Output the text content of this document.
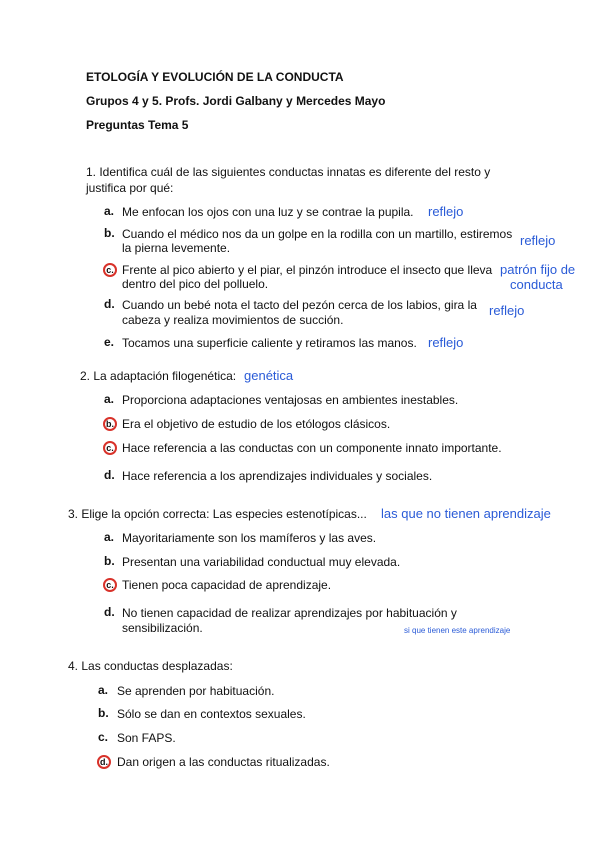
ETOLOGÍA Y EVOLUCIÓN DE LA CONDUCTA
Grupos 4 y 5. Profs. Jordi Galbany y Mercedes Mayo
Preguntas Tema 5
1. Identifica cuál de las siguientes conductas innatas es diferente del resto y
justifica por qué:
a. Me enfocan los ojos con una luz y se contrae la pupila. reflejo
b. Cuando el médico nos da un golpe en la rodilla con un martillo, estiremos
la pierna levemente.	reflejo
c. Frente al pico abierto y el piar, el pinzón introduce el insecto que lleva
dentro del pico del polluelo.
patrón fijo de
conducta
d. Cuando un bebé nota el tacto del pezón cerca de los labios, gira la
cabeza y realiza movimientos de succión.
reflejo
e. Tocamos una superficie caliente y retiramos las manos. reflejo
2. La adaptación filogenética: genética
a. Proporciona adaptaciones ventajosas en ambientes inestables.
b. Era el objetivo de estudio de los etólogos clásicos.
c. Hace referencia a las conductas con un componente innato importante.
d. Hace referencia a los aprendizajes individuales y sociales.
3. Elige la opción correcta: Las especies estenotípicas... las que no tienen aprendizaje
a. Mayoritariamente son los mamíferos y las aves.
b. Presentan una variabilidad conductual muy elevada.
c. Tienen poca capacidad de aprendizaje.
d. No tienen capacidad de realizar aprendizajes por habituación y
sensibilización.	si que tienen este aprendizaje
4. Las conductas desplazadas:
a. Se aprenden por habituación.
b. Sólo se dan en contextos sexuales.
c. Son FAPS.
d. Dan origen a las conductas ritualizadas.
